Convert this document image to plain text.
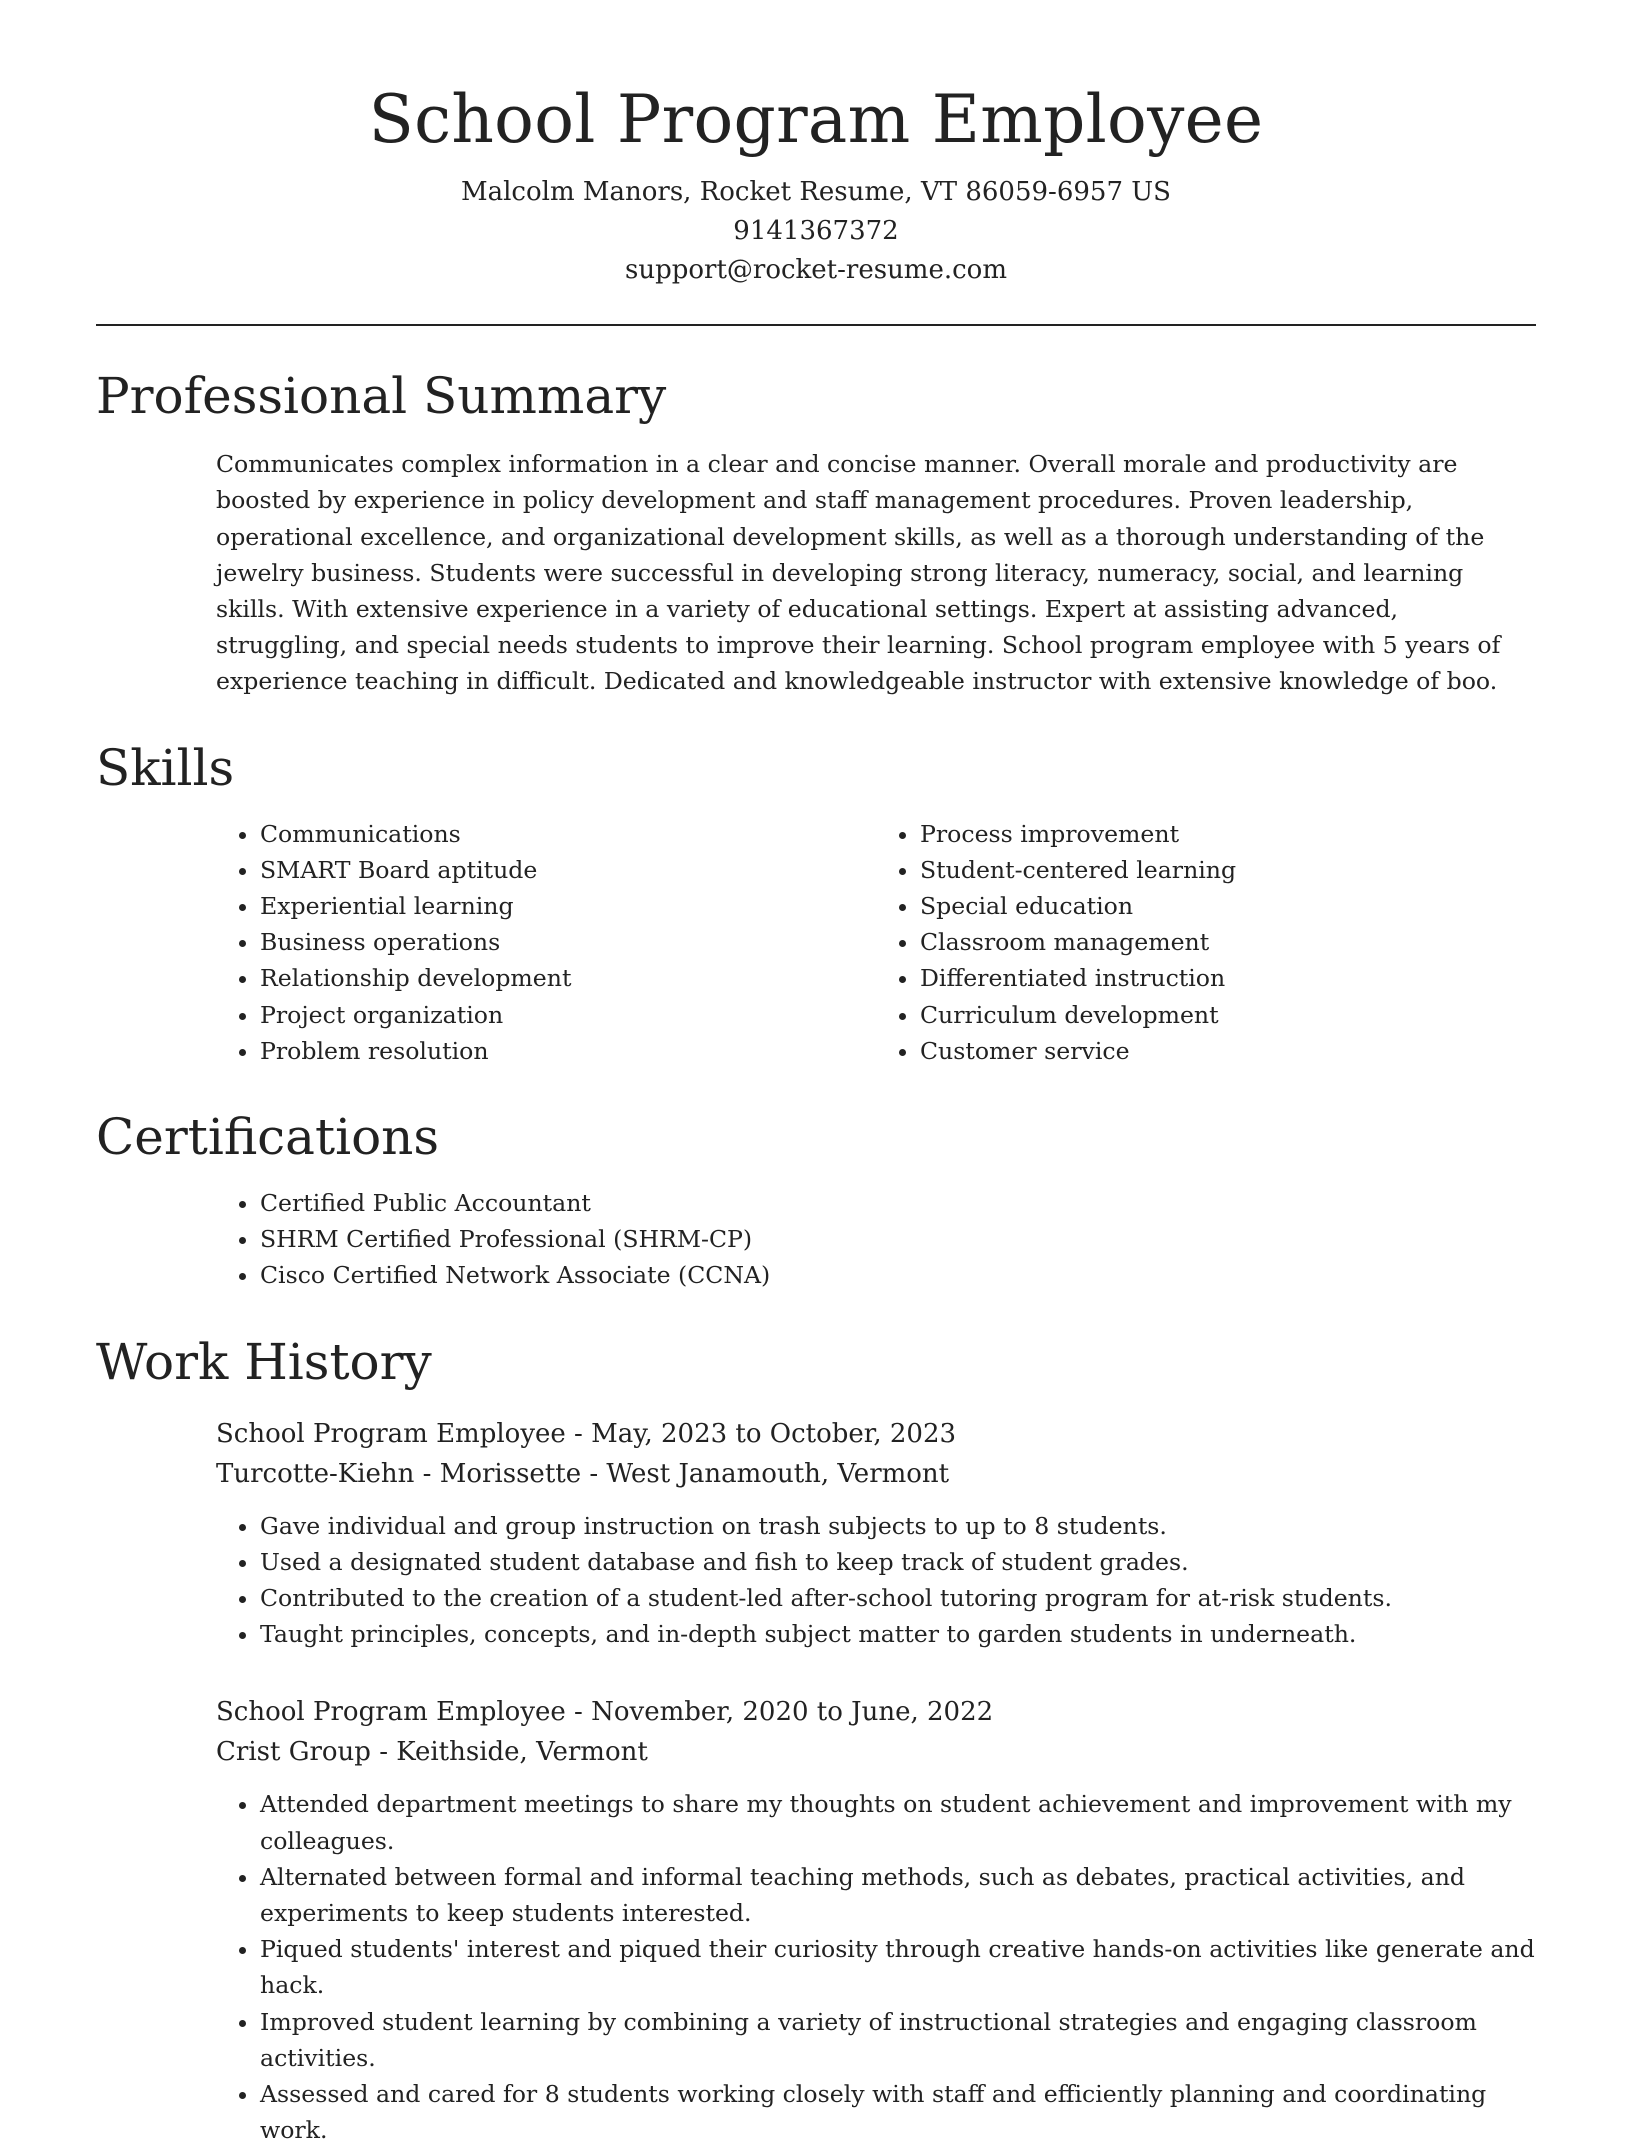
School Program Employee

Malcolm Manors, Rocket Resume, VT 86059-6957 US

9141367372

support@rocket-resume.com

Professional Summary

Communicates complex information in a clear and concise manner. Overall morale and productivity are boosted by experience in policy development and staff management procedures. Proven leadership, operational excellence, and organizational development skills, as well as a thorough understanding of the jewelry business. Students were successful in developing strong literacy, numeracy, social, and learning skills. With extensive experience in a variety of educational settings. Expert at assisting advanced, struggling, and special needs students to improve their learning. School program employee with 5 years of experience teaching in difficult. Dedicated and knowledgeable instructor with extensive knowledge of boo.

Skills
• Communications
• SMART Board aptitude
• Experiential learning
• Business operations
• Relationship development
• Project organization
• Problem resolution
• Process improvement
• Student-centered learning
• Special education
• Classroom management
• Differentiated instruction
• Curriculum development
• Customer service
Certifications
• Certified Public Accountant
• SHRM Certified Professional (SHRM-CP)
• Cisco Certified Network Associate (CCNA)
Work History

School Program Employee - May, 2023 to October, 2023

Turcotte-Kiehn - Morissette - West Janamouth, Vermont

• Gave individual and group instruction on trash subjects to up to 8 students.
• Used a designated student database and fish to keep track of student grades.
• Contributed to the creation of a student-led after-school tutoring program for at-risk students.
• Taught principles, concepts, and in-depth subject matter to garden students in underneath.

School Program Employee - November, 2020 to June, 2022

Crist Group - Keithside, Vermont

• Attended department meetings to share my thoughts on student achievement and improvement with my colleagues.
• Alternated between formal and informal teaching methods, such as debates, practical activities, and experiments to keep students interested.
• Piqued students' interest and piqued their curiosity through creative hands-on activities like generate and hack.
• Improved student learning by combining a variety of instructional strategies and engaging classroom activities.
• Assessed and cared for 8 students working closely with staff and efficiently planning and coordinating work.
